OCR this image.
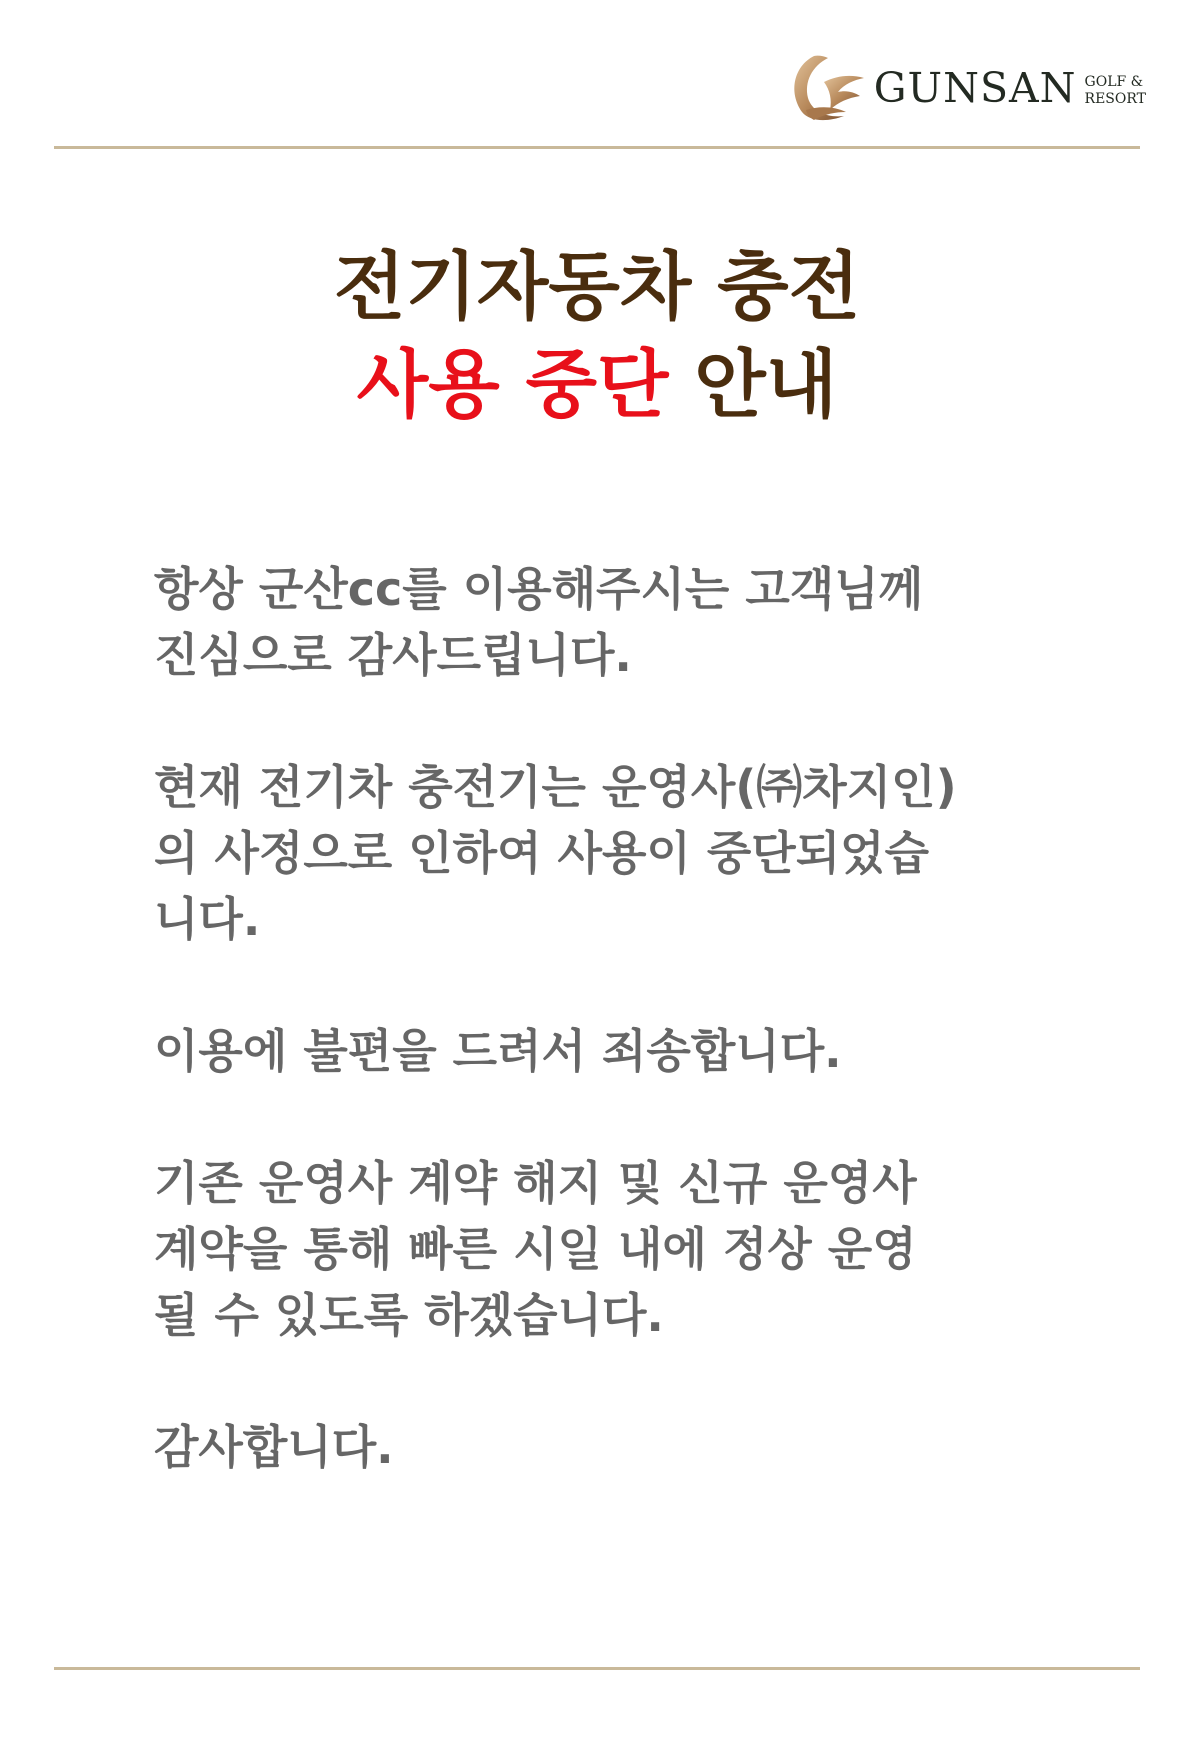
GUNSAN GOLF &
RESORT
전기자동차 충전
사용 중단 안내

항상 군산cc를 이용해주시는 고객님께
진심으로 감사드립니다.

현재 전기차 충전기는 운영사(㈜차지인)
의 사정으로 인하여 사용이 중단되었습
니다.

이용에 불편을 드려서 죄송합니다.

기존 운영사 계약 해지 및 신규 운영사
계약을 통해 빠른 시일 내에 정상 운영
될 수 있도록 하겠습니다.

감사합니다.
